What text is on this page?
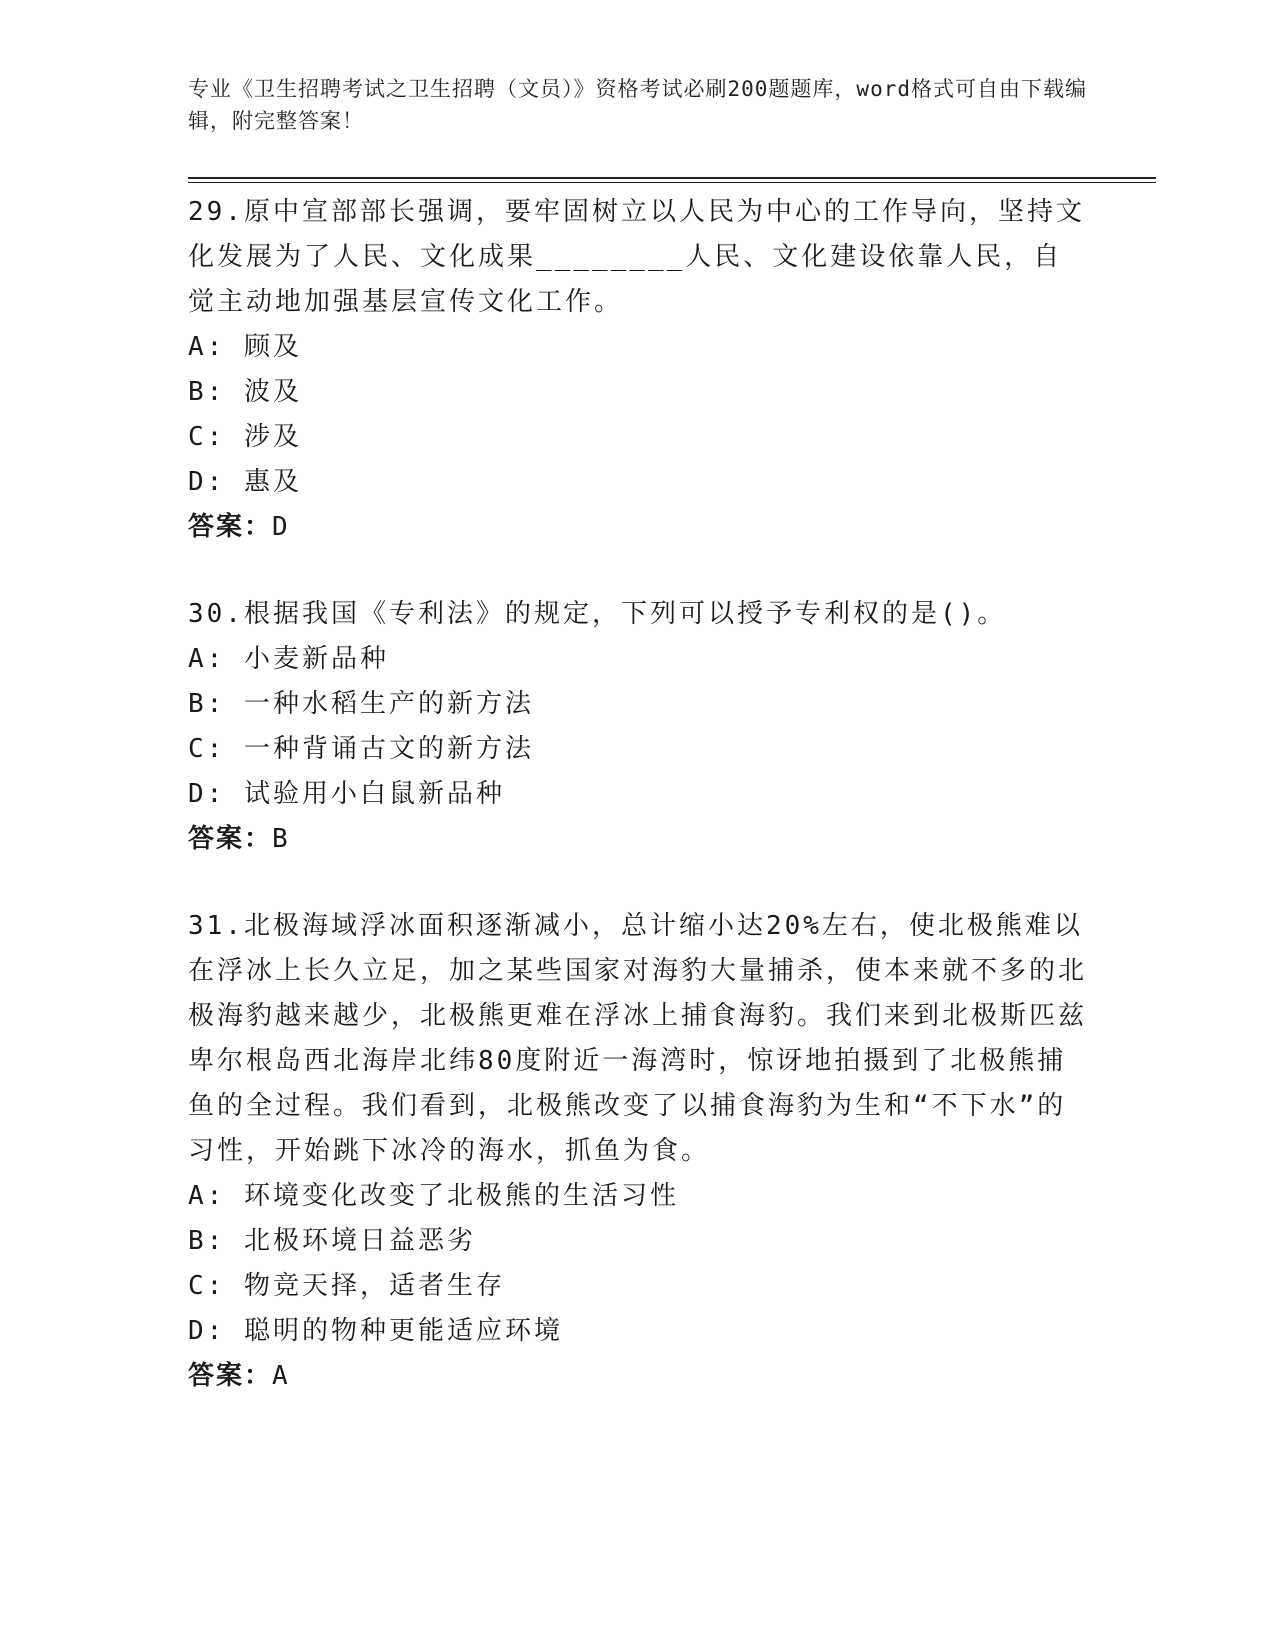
专业《卫生招聘考试之卫生招聘（文员）》资格考试必刷200题题库，word格式可自由下载编辑，附完整答案！

29.原中宣部部长强调，要牢固树立以人民为中心的工作导向，坚持文化发展为了人民、文化成果________人民、文化建设依靠人民，自觉主动地加强基层宣传文化工作。

A: 顾及

B: 波及

C: 涉及

D: 惠及

答案：D

30.根据我国《专利法》的规定，下列可以授予专利权的是()。

A: 小麦新品种

B: 一种水稻生产的新方法

C: 一种背诵古文的新方法

D: 试验用小白鼠新品种

答案：B

31.北极海域浮冰面积逐渐减小，总计缩小达20%左右，使北极熊难以在浮冰上长久立足，加之某些国家对海豹大量捕杀，使本来就不多的北极海豹越来越少，北极熊更难在浮冰上捕食海豹。我们来到北极斯匹兹卑尔根岛西北海岸北纬80度附近一海湾时，惊讶地拍摄到了北极熊捕鱼的全过程。我们看到，北极熊改变了以捕食海豹为生和“不下水”的习性，开始跳下冰冷的海水，抓鱼为食。

A: 环境变化改变了北极熊的生活习性

B: 北极环境日益恶劣

C: 物竞天择，适者生存

D: 聪明的物种更能适应环境

答案：A
